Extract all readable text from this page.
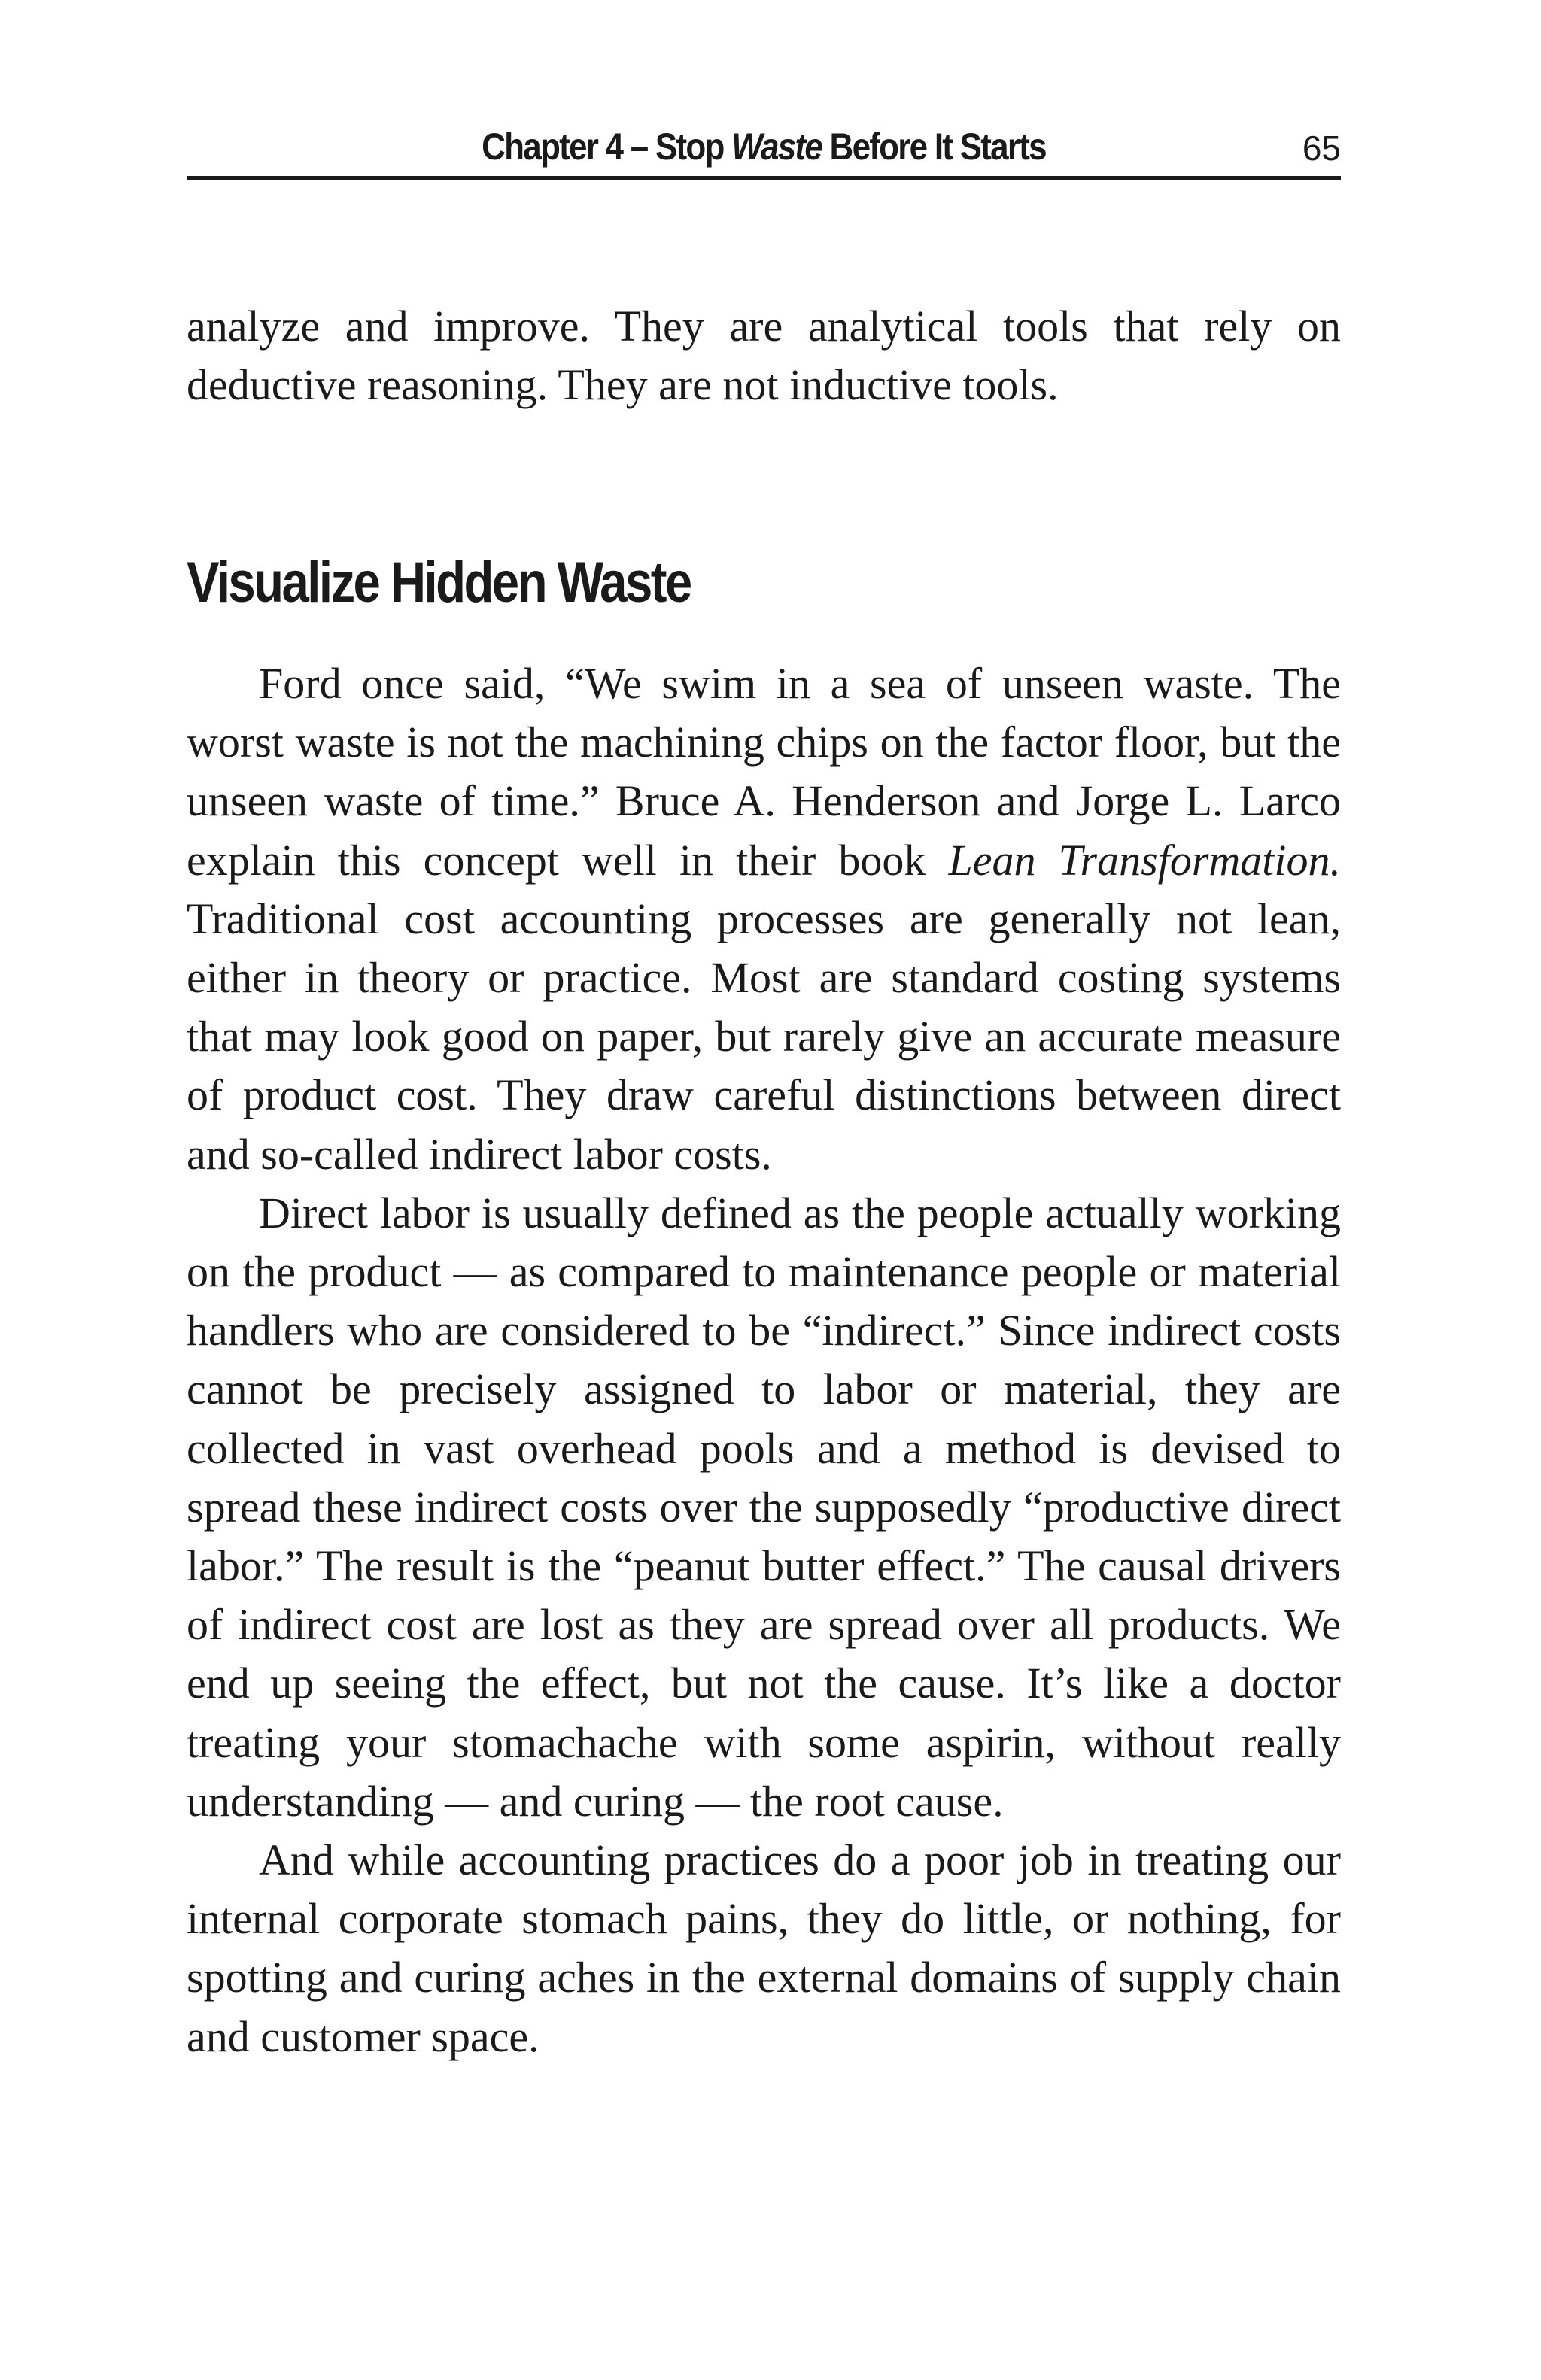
Chapter 4 – Stop Waste Before It Starts	65

analyze and improve. They are analytical tools that rely on deductive reasoning. They are not inductive tools.

Visualize Hidden Waste

Ford once said, “We swim in a sea of unseen waste. The worst waste is not the machining chips on the factor floor, but the unseen waste of time.” Bruce A. Henderson and Jorge L. Larco explain this concept well in their book Lean Transformation. Traditional cost accounting processes are generally not lean, either in theory or practice. Most are standard costing systems that may look good on paper, but rarely give an accurate measure of product cost. They draw careful distinctions between direct and so-called indirect labor costs.

Direct labor is usually defined as the people actually working on the product — as compared to maintenance people or material handlers who are considered to be “indirect.” Since indirect costs cannot be precisely assigned to labor or material, they are collected in vast overhead pools and a method is devised to spread these indirect costs over the supposedly “productive direct labor.” The result is the “peanut butter effect.” The causal drivers of indirect cost are lost as they are spread over all products. We end up seeing the effect, but not the cause. It’s like a doctor treating your stomachache with some aspirin, without really understanding — and curing — the root cause.

And while accounting practices do a poor job in treating our internal corporate stomach pains, they do little, or nothing, for spotting and curing aches in the external domains of supply chain and customer space.
